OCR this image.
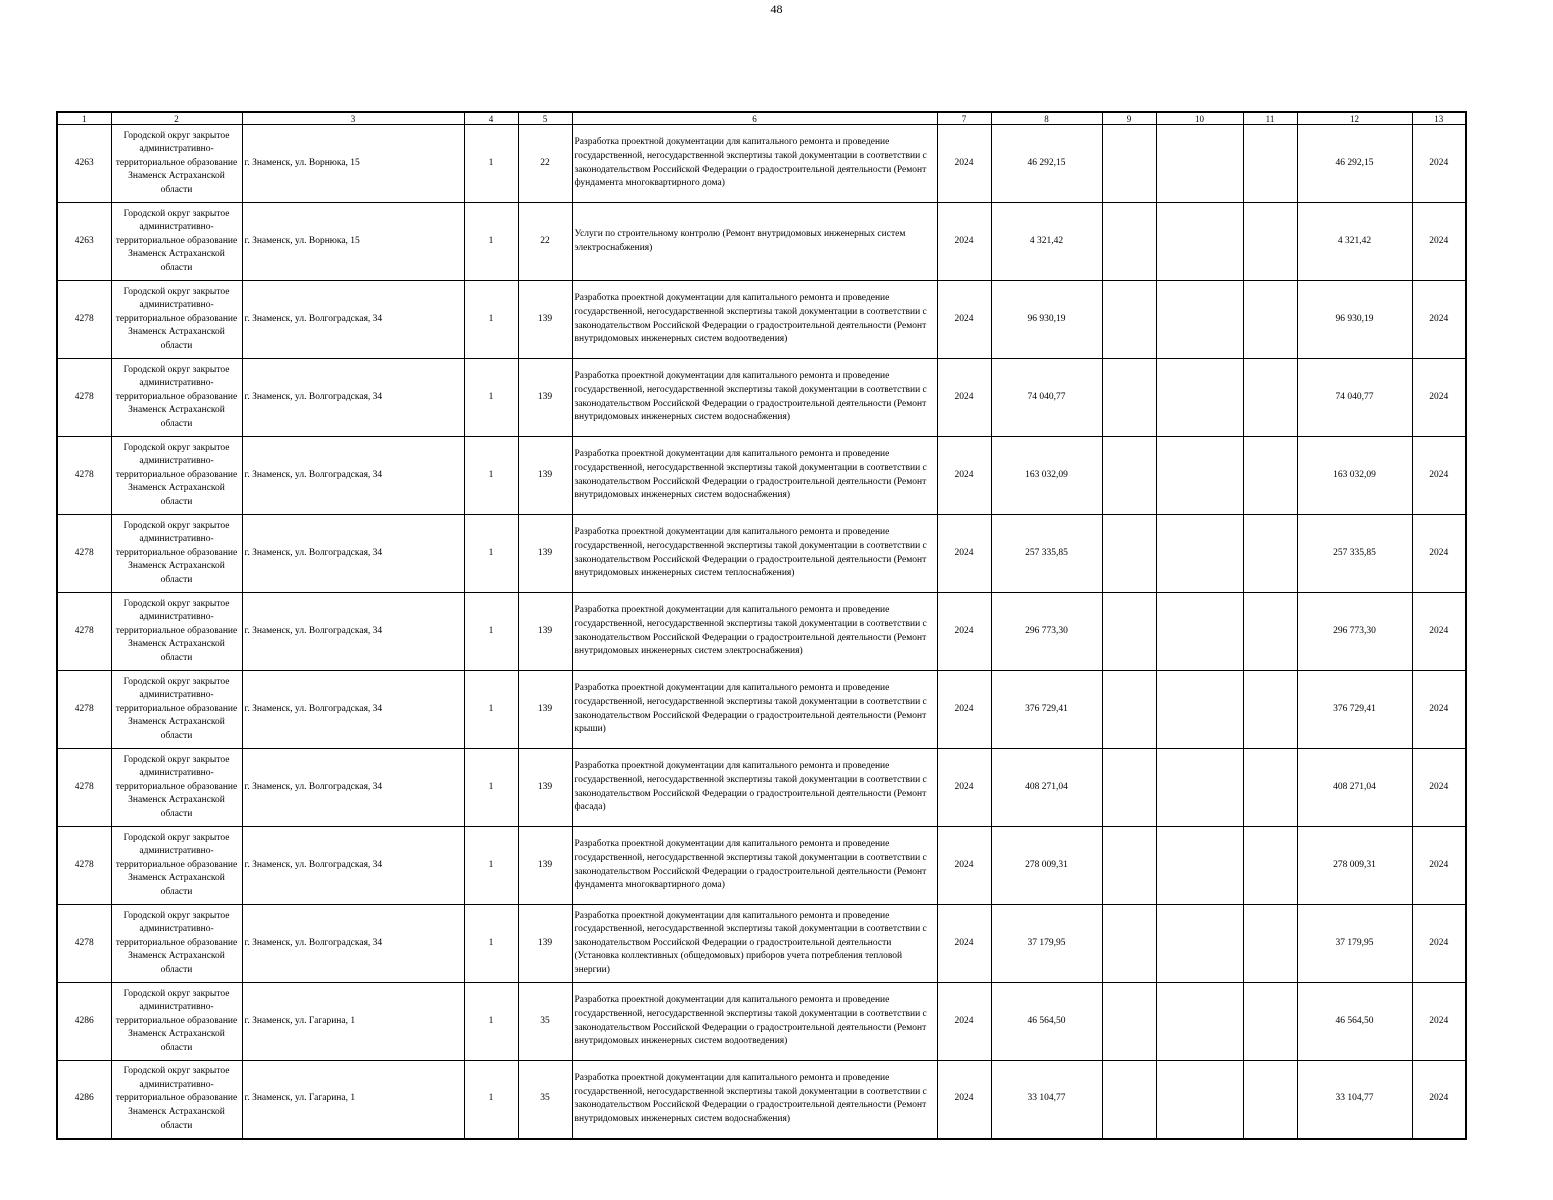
48
1	2	3	4	5	6	7	8	9	10	11	12	13
4263	Городской округ закрытое административно-территориальное образование Знаменск Астраханской области	г. Знаменск, ул. Ворнюка, 15	1	22	Разработка проектной документации для капитального ремонта и проведение государственной, негосударственной экспертизы такой документации в соответствии с законодательством Российской Федерации о градостроительной деятельности (Ремонт фундамента многоквартирного дома)	2024	46 292,15				46 292,15	2024
4263	Городской округ закрытое административно-территориальное образование Знаменск Астраханской области	г. Знаменск, ул. Ворнюка, 15	1	22	Услуги по строительному контролю (Ремонт внутридомовых инженерных систем электроснабжения)	2024	4 321,42				4 321,42	2024
4278	Городской округ закрытое административно-территориальное образование Знаменск Астраханской области	г. Знаменск, ул. Волгоградская, 34	1	139	Разработка проектной документации для капитального ремонта и проведение государственной, негосударственной экспертизы такой документации в соответствии с законодательством Российской Федерации о градостроительной деятельности (Ремонт внутридомовых инженерных систем водоотведения)	2024	96 930,19				96 930,19	2024
4278	Городской округ закрытое административно-территориальное образование Знаменск Астраханской области	г. Знаменск, ул. Волгоградская, 34	1	139	Разработка проектной документации для капитального ремонта и проведение государственной, негосударственной экспертизы такой документации в соответствии с законодательством Российской Федерации о градостроительной деятельности (Ремонт внутридомовых инженерных систем водоснабжения)	2024	74 040,77				74 040,77	2024
4278	Городской округ закрытое административно-территориальное образование Знаменск Астраханской области	г. Знаменск, ул. Волгоградская, 34	1	139	Разработка проектной документации для капитального ремонта и проведение государственной, негосударственной экспертизы такой документации в соответствии с законодательством Российской Федерации о градостроительной деятельности (Ремонт внутридомовых инженерных систем водоснабжения)	2024	163 032,09				163 032,09	2024
4278	Городской округ закрытое административно-территориальное образование Знаменск Астраханской области	г. Знаменск, ул. Волгоградская, 34	1	139	Разработка проектной документации для капитального ремонта и проведение государственной, негосударственной экспертизы такой документации в соответствии с законодательством Российской Федерации о градостроительной деятельности (Ремонт внутридомовых инженерных систем теплоснабжения)	2024	257 335,85				257 335,85	2024
4278	Городской округ закрытое административно-территориальное образование Знаменск Астраханской области	г. Знаменск, ул. Волгоградская, 34	1	139	Разработка проектной документации для капитального ремонта и проведение государственной, негосударственной экспертизы такой документации в соответствии с законодательством Российской Федерации о градостроительной деятельности (Ремонт внутридомовых инженерных систем электроснабжения)	2024	296 773,30				296 773,30	2024
4278	Городской округ закрытое административно-территориальное образование Знаменск Астраханской области	г. Знаменск, ул. Волгоградская, 34	1	139	Разработка проектной документации для капитального ремонта и проведение государственной, негосударственной экспертизы такой документации в соответствии с законодательством Российской Федерации о градостроительной деятельности (Ремонт крыши)	2024	376 729,41				376 729,41	2024
4278	Городской округ закрытое административно-территориальное образование Знаменск Астраханской области	г. Знаменск, ул. Волгоградская, 34	1	139	Разработка проектной документации для капитального ремонта и проведение государственной, негосударственной экспертизы такой документации в соответствии с законодательством Российской Федерации о градостроительной деятельности (Ремонт фасада)	2024	408 271,04				408 271,04	2024
4278	Городской округ закрытое административно-территориальное образование Знаменск Астраханской области	г. Знаменск, ул. Волгоградская, 34	1	139	Разработка проектной документации для капитального ремонта и проведение государственной, негосударственной экспертизы такой документации в соответствии с законодательством Российской Федерации о градостроительной деятельности (Ремонт фундамента многоквартирного дома)	2024	278 009,31				278 009,31	2024
4278	Городской округ закрытое административно-территориальное образование Знаменск Астраханской области	г. Знаменск, ул. Волгоградская, 34	1	139	Разработка проектной документации для капитального ремонта и проведение государственной, негосударственной экспертизы такой документации в соответствии с законодательством Российской Федерации о градостроительной деятельности (Установка коллективных (общедомовых) приборов учета потребления тепловой энергии)	2024	37 179,95				37 179,95	2024
4286	Городской округ закрытое административно-территориальное образование Знаменск Астраханской области	г. Знаменск, ул. Гагарина, 1	1	35	Разработка проектной документации для капитального ремонта и проведение государственной, негосударственной экспертизы такой документации в соответствии с законодательством Российской Федерации о градостроительной деятельности (Ремонт внутридомовых инженерных систем водоотведения)	2024	46 564,50				46 564,50	2024
4286	Городской округ закрытое административно-территориальное образование Знаменск Астраханской области	г. Знаменск, ул. Гагарина, 1	1	35	Разработка проектной документации для капитального ремонта и проведение государственной, негосударственной экспертизы такой документации в соответствии с законодательством Российской Федерации о градостроительной деятельности (Ремонт внутридомовых инженерных систем водоснабжения)	2024	33 104,77				33 104,77	2024
